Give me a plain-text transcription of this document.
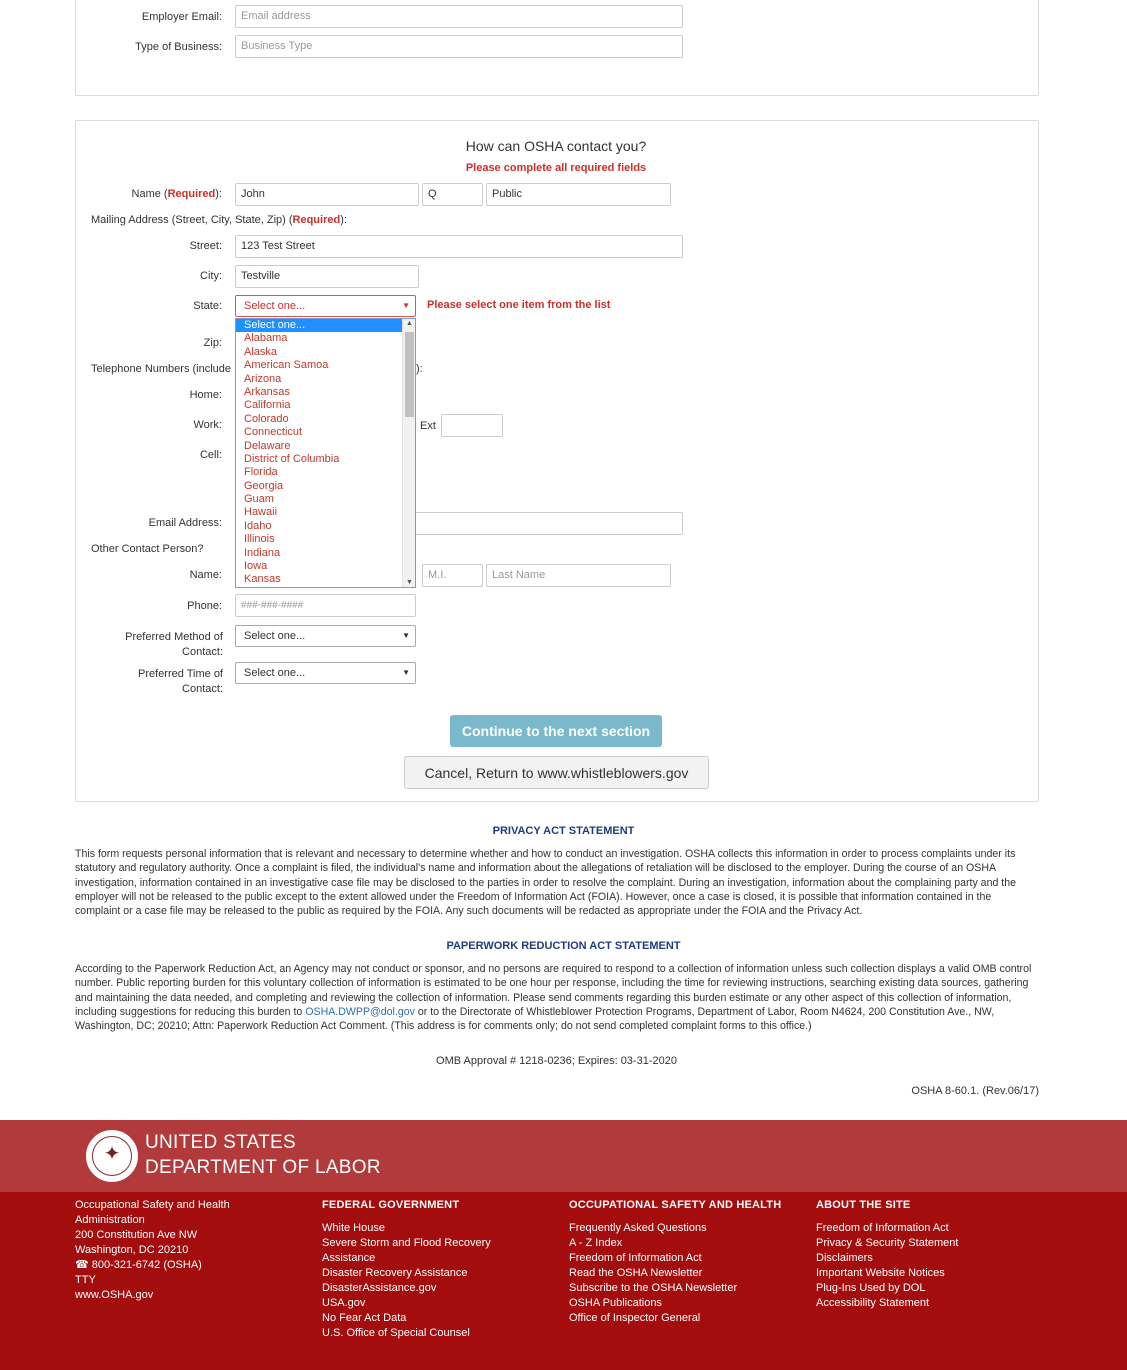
Employer Email:	Email address
Type of Business:	Business Type
How can OSHA contact you?
Please complete all required fields
Name (Required):	John	Q	Public
Mailing Address (Street, City, State, Zip) (Required):
Street:	123 Test Street
City:	Testville
State:	Select one...	▼ Please select one item from the list
Zip:
Telephone Numbers (include	):
Home:
Work:	Ext
Cell:
Email Address:
Other Contact Person?
Name:	M.I.	Last Name
Phone:	###-###-####
Preferred Method of
Contact:
Select one...	▼
Preferred Time of
Contact:
Select one...	▼
Select one...
Alabama
Alaska
American Samoa
Arizona
Arkansas
California
Colorado
Connecticut
Delaware
District of Columbia
Florida
Georgia
Guam
Hawaii
Idaho
Illinois
Indiana
Iowa
Kansas
▲
▼
Continue to the next section
Cancel, Return to www.whistleblowers.gov
PRIVACY ACT STATEMENT
This form requests personal information that is relevant and necessary to determine whether and how to conduct an investigation. OSHA collects this information in order to process complaints under its statutory and regulatory authority. Once a complaint is filed, the individual's name and information about the allegations of retaliation will be disclosed to the employer. During the course of an OSHA investigation, information contained in an investigative case file may be disclosed to the parties in order to resolve the complaint. During an investigation, information about the complaining party and the employer will not be released to the public except to the extent allowed under the Freedom of Information Act (FOIA). However, once a case is closed, it is possible that information contained in the complaint or a case file may be released to the public as required by the FOIA. Any such documents will be redacted as appropriate under the FOIA and the Privacy Act.
PAPERWORK REDUCTION ACT STATEMENT
According to the Paperwork Reduction Act, an Agency may not conduct or sponsor, and no persons are required to respond to a collection of information unless such collection displays a valid OMB control number. Public reporting burden for this voluntary collection of information is estimated to be one hour per response, including the time for reviewing instructions, searching existing data sources, gathering and maintaining the data needed, and completing and reviewing the collection of information. Please send comments regarding this burden estimate or any other aspect of this collection of information, including suggestions for reducing this burden to OSHA.DWPP@dol.gov or to the Directorate of Whistleblower Protection Programs, Department of Labor, Room N4624, 200 Constitution Ave., NW, Washington, DC; 20210; Attn: Paperwork Reduction Act Comment. (This address is for comments only; do not send completed complaint forms to this office.)
OMB Approval # 1218-0236; Expires: 03-31-2020
OSHA 8-60.1. (Rev.06/17)
✦
UNITED STATES
DEPARTMENT OF LABOR
Occupational Safety and Health
Administration
200 Constitution Ave NW
Washington, DC 20210
☎ 800-321-6742 (OSHA)
TTY
www.OSHA.gov
FEDERAL GOVERNMENT
White House
Severe Storm and Flood Recovery
Assistance
Disaster Recovery Assistance
DisasterAssistance.gov
USA.gov
No Fear Act Data
U.S. Office of Special Counsel
OCCUPATIONAL SAFETY AND HEALTH
Frequently Asked Questions
A - Z Index
Freedom of Information Act
Read the OSHA Newsletter
Subscribe to the OSHA Newsletter
OSHA Publications
Office of Inspector General
ABOUT THE SITE
Freedom of Information Act
Privacy & Security Statement
Disclaimers
Important Website Notices
Plug-Ins Used by DOL
Accessibility Statement
